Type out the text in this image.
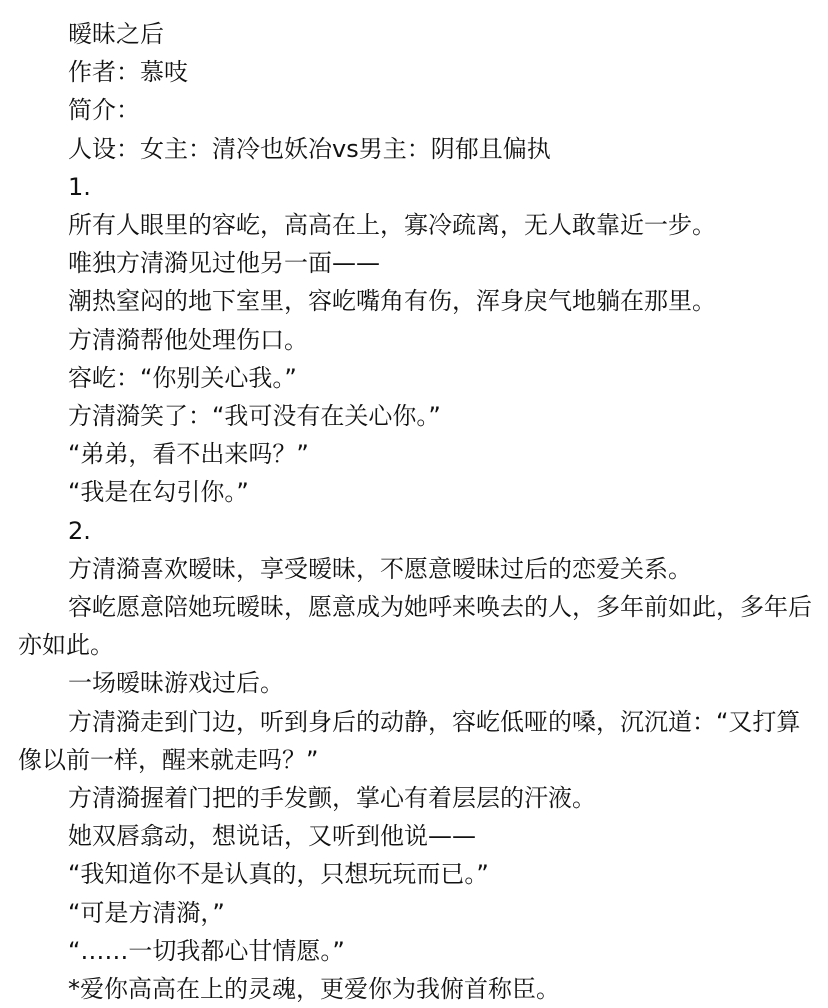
暧昧之后

作者：慕吱

简介：

人设：女主：清冷也妖冶vs男主：阴郁且偏执

1.

所有人眼里的容屹，高高在上，寡冷疏离，无人敢靠近一步。

唯独方清漪见过他另一面——

潮热窒闷的地下室里，容屹嘴角有伤，浑身戾气地躺在那里。

方清漪帮他处理伤口。

容屹：“你别关心我。”

方清漪笑了：“我可没有在关心你。”

“弟弟，看不出来吗？”

“我是在勾引你。”

2.

方清漪喜欢暧昧，享受暧昧，不愿意暧昧过后的恋爱关系。

容屹愿意陪她玩暧昧，愿意成为她呼来唤去的人，多年前如此，多年后亦如此。

一场暧昧游戏过后。

方清漪走到门边，听到身后的动静，容屹低哑的嗓，沉沉道：“又打算像以前一样，醒来就走吗？”

方清漪握着门把的手发颤，掌心有着层层的汗液。

她双唇翕动，想说话，又听到他说——

“我知道你不是认真的，只想玩玩而已。”

“可是方清漪，”

“……一切我都心甘情愿。”

*爱你高高在上的灵魂，更爱你为我俯首称臣。
